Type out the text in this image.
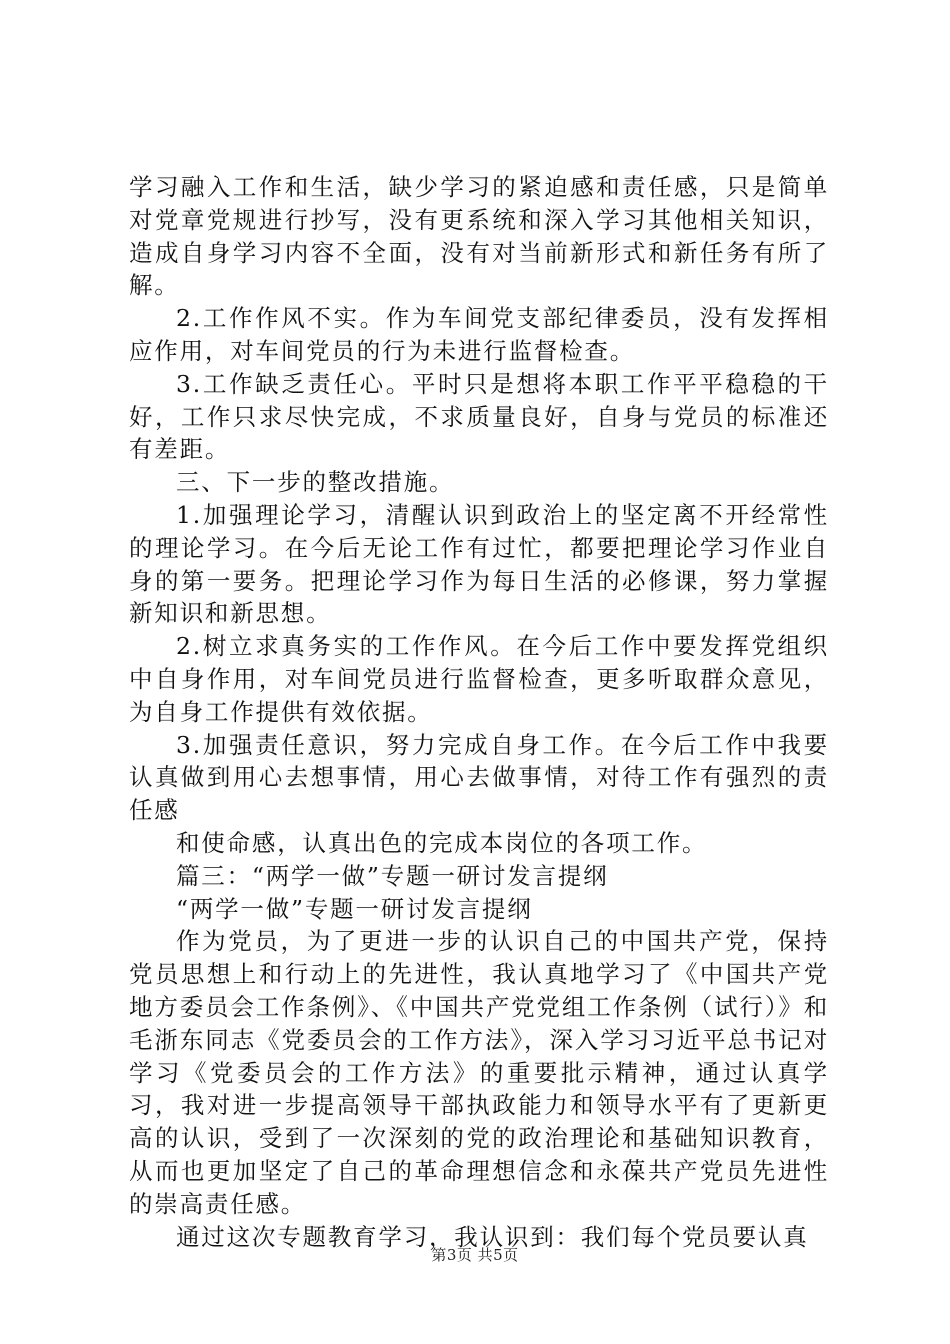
学习融入工作和生活，缺少学习的紧迫感和责任感，只是简单对党章党规进行抄写，没有更系统和深入学习其他相关知识，造成自身学习内容不全面，没有对当前新形式和新任务有所了解。

2.工作作风不实。作为车间党支部纪律委员，没有发挥相应作用，对车间党员的行为未进行监督检查。

3.工作缺乏责任心。平时只是想将本职工作平平稳稳的干好，工作只求尽快完成，不求质量良好，自身与党员的标准还有差距。

三、下一步的整改措施。

1.加强理论学习，清醒认识到政治上的坚定离不开经常性的理论学习。在今后无论工作有过忙，都要把理论学习作业自身的第一要务。把理论学习作为每日生活的必修课，努力掌握新知识和新思想。

2.树立求真务实的工作作风。在今后工作中要发挥党组织中自身作用，对车间党员进行监督检查，更多听取群众意见，为自身工作提供有效依据。

3.加强责任意识，努力完成自身工作。在今后工作中我要认真做到用心去想事情，用心去做事情，对待工作有强烈的责任感

和使命感，认真出色的完成本岗位的各项工作。

篇三：“两学一做”专题一研讨发言提纲

“两学一做”专题一研讨发言提纲

作为党员，为了更进一步的认识自己的中国共产党，保持党员思想上和行动上的先进性，我认真地学习了《中国共产党地方委员会工作条例》、《中国共产党党组工作条例（试行）》和毛浙东同志《党委员会的工作方法》，深入学习习近平总书记对学习《党委员会的工作方法》的重要批示精神，通过认真学习，我对进一步提高领导干部执政能力和领导水平有了更新更高的认识，受到了一次深刻的党的政治理论和基础知识教育，从而也更加坚定了自己的革命理想信念和永葆共产党员先进性的崇高责任感。

通过这次专题教育学习，我认识到：我们每个党员要认真

第3页 共5页
